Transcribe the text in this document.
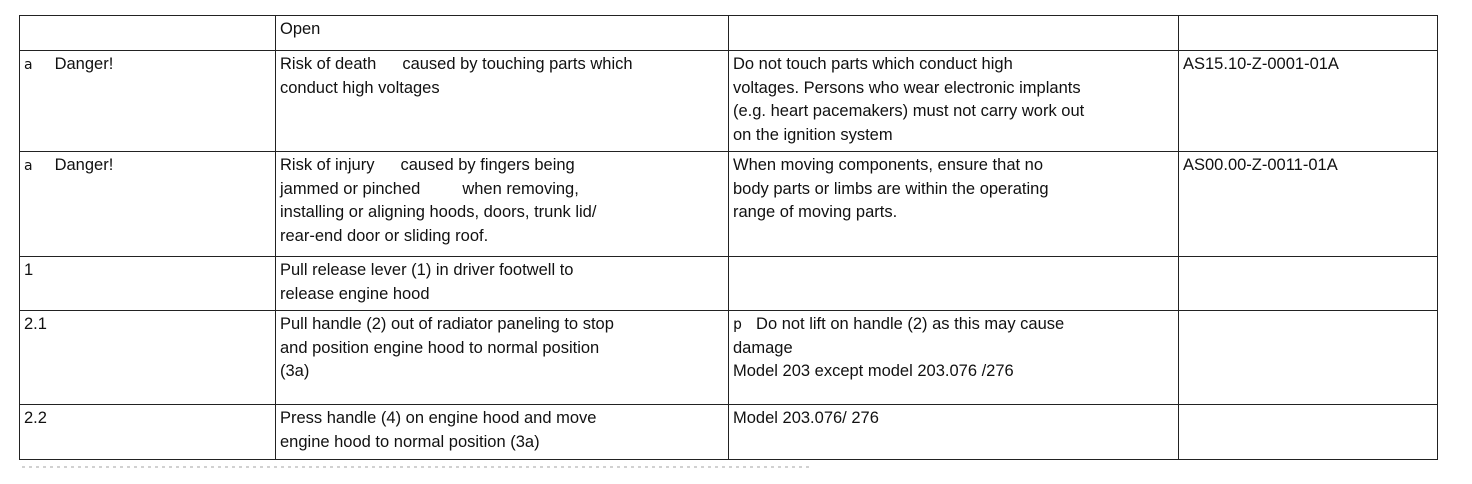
	Open		
a Danger!	Risk of death caused by touching parts which
conduct high voltages	Do not touch parts which conduct high
voltages. Persons who wear electronic implants
(e.g. heart pacemakers) must not carry work out
on the ignition system	AS15.10-Z-0001-01A
a Danger!	Risk of injury caused by fingers being
jammed or pinched when removing,
installing or aligning hoods, doors, trunk lid/
rear-end door or sliding roof.	When moving components, ensure that no
body parts or limbs are within the operating
range of moving parts.	AS00.00-Z-0011-01A
1	Pull release lever (1) in driver footwell to
release engine hood		

2.1	Pull handle (2) out of radiator paneling to stop
and position engine hood to normal position
(3a)	p Do not lift on handle (2) as this may cause
damage
Model 203 except model 203.076 /276	

2.2	Press handle (4) on engine hood and move
engine hood to normal position (3a)	Model 203.076/ 276	
